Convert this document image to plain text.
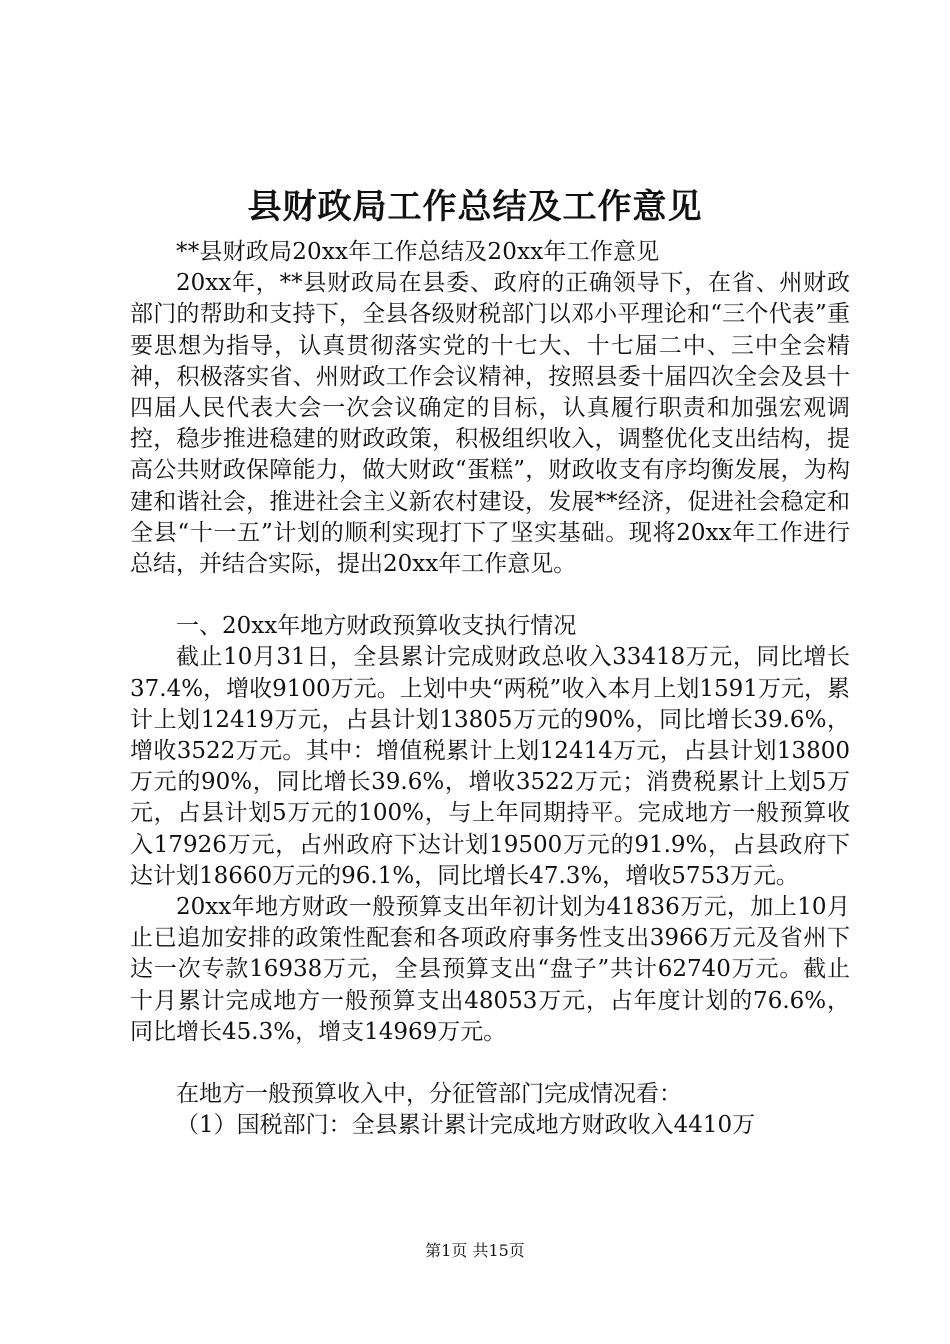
县财政局工作总结及工作意见

**县财政局20xx年工作总结及20xx年工作意见

20xx年，**县财政局在县委、政府的正确领导下，在省、州财政部门的帮助和支持下，全县各级财税部门以邓小平理论和“三个代表”重要思想为指导，认真贯彻落实党的十七大、十七届二中、三中全会精神，积极落实省、州财政工作会议精神，按照县委十届四次全会及县十四届人民代表大会一次会议确定的目标，认真履行职责和加强宏观调控，稳步推进稳建的财政政策，积极组织收入，调整优化支出结构，提高公共财政保障能力，做大财政“蛋糕”，财政收支有序均衡发展，为构建和谐社会，推进社会主义新农村建设，发展**经济，促进社会稳定和全县“十一五”计划的顺利实现打下了坚实基础。现将20xx年工作进行总结，并结合实际，提出20xx年工作意见。

一、20xx年地方财政预算收支执行情况

截止10月31日，全县累计完成财政总收入33418万元，同比增长37.4%，增收9100万元。上划中央“两税”收入本月上划1591万元，累计上划12419万元，占县计划13805万元的90%，同比增长39.6%，增收3522万元。其中：增值税累计上划12414万元，占县计划13800万元的90%，同比增长39.6%，增收3522万元；消费税累计上划5万元，占县计划5万元的100%，与上年同期持平。完成地方一般预算收入17926万元，占州政府下达计划19500万元的91.9%，占县政府下达计划18660万元的96.1%，同比增长47.3%，增收5753万元。

20xx年地方财政一般预算支出年初计划为41836万元，加上10月止已追加安排的政策性配套和各项政府事务性支出3966万元及省州下达一次专款16938万元，全县预算支出“盘子”共计62740万元。截止十月累计完成地方一般预算支出48053万元，占年度计划的76.6%，同比增长45.3%，增支14969万元。

在地方一般预算收入中，分征管部门完成情况看：

（1）国税部门：全县累计累计完成地方财政收入4410万

第1页 共15页
